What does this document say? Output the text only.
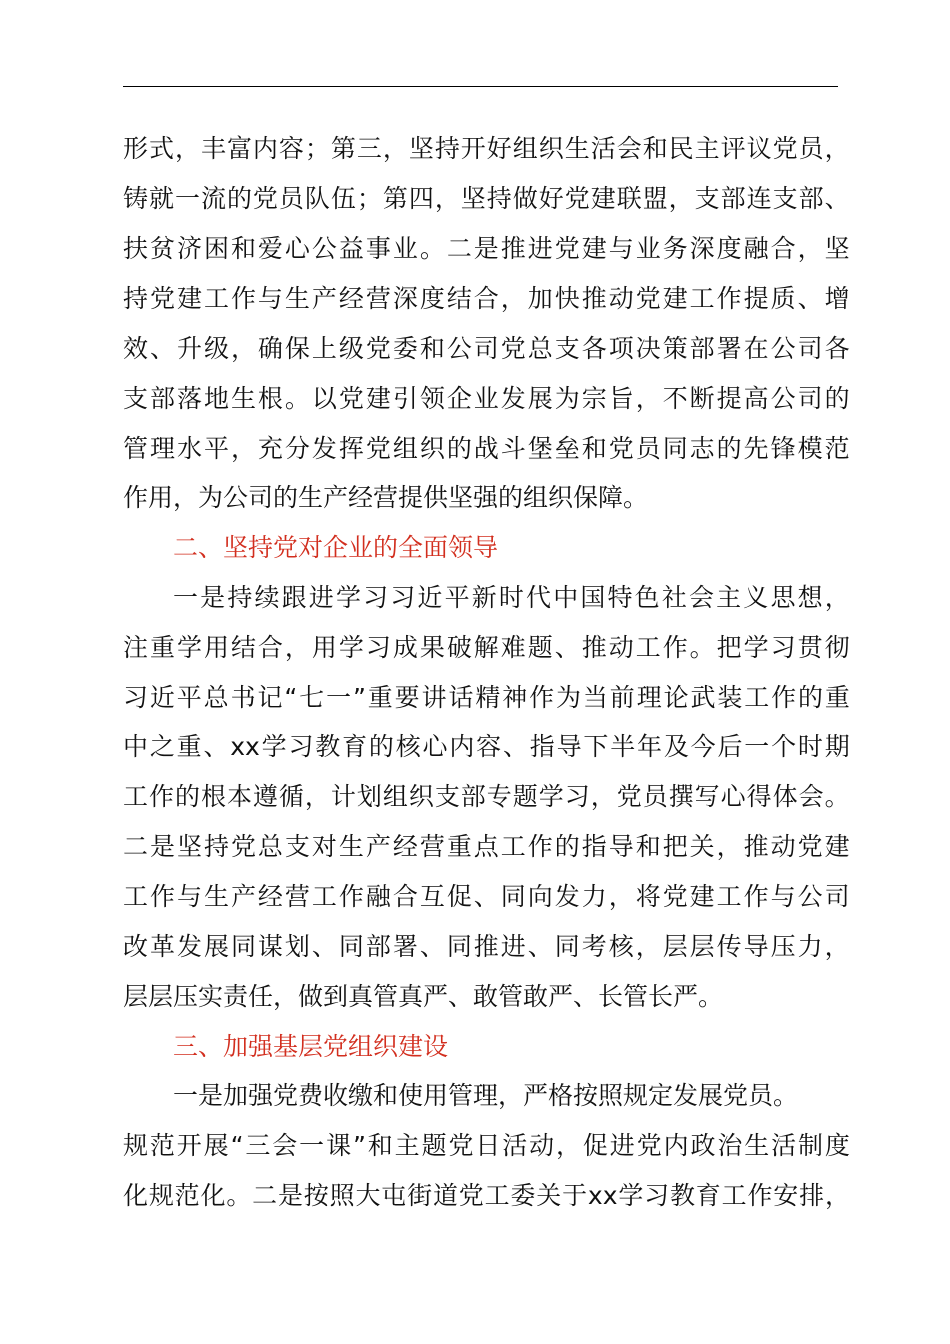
形 式 ， 丰 富 内 容 ； 第 三 ， 坚 持 开 好 组 织 生 活 会 和 民 主 评 议 党 员 ，
铸 就 一 流 的 党 员 队 伍 ； 第 四 ， 坚 持 做 好 党 建 联 盟 ， 支 部 连 支 部 、
扶 贫 济 困 和 爱 心 公 益 事 业 。 二 是 推 进 党 建 与 业 务 深 度 融 合 ， 坚
持 党 建 工 作 与 生 产 经 营 深 度 结 合 ， 加 快 推 动 党 建 工 作 提 质 、 增
效 、 升 级 ， 确 保 上 级 党 委 和 公 司 党 总 支 各 项 决 策 部 署 在 公 司 各
支 部 落 地 生 根 。 以 党 建 引 领 企 业 发 展 为 宗 旨 ， 不 断 提 高 公 司 的
管 理 水 平 ， 充 分 发 挥 党 组 织 的 战 斗 堡 垒 和 党 员 同 志 的 先 锋 模 范
作用，为公司的生产经营提供坚强的组织保障。
二、坚持党对企业的全面领导
一 是 持 续 跟 进 学 习 习 近 平 新 时 代 中 国 特 色 社 会 主 义 思 想 ，
注 重 学 用 结 合 ， 用 学 习 成 果 破 解 难 题 、 推 动 工 作 。 把 学 习 贯 彻
习 近 平 总 书 记 “ 七 一 ” 重 要 讲 话 精 神 作 为 当 前 理 论 武 装 工 作 的 重
中 之 重 、 xx 学 习 教 育 的 核 心 内 容 、 指 导 下 半 年 及 今 后 一 个 时 期
工 作 的 根 本 遵 循 ， 计 划 组 织 支 部 专 题 学 习 ， 党 员 撰 写 心 得 体 会 。
二 是 坚 持 党 总 支 对 生 产 经 营 重 点 工 作 的 指 导 和 把 关 ， 推 动 党 建
工 作 与 生 产 经 营 工 作 融 合 互 促 、 同 向 发 力 ， 将 党 建 工 作 与 公 司
改 革 发 展 同 谋 划 、 同 部 署 、 同 推 进 、 同 考 核 ， 层 层 传 导 压 力 ，
层层压实责任，做到真管真严、敢管敢严、长管长严。
三、加强基层党组织建设
一是加强党费收缴和使用管理，严格按照规定发展党员。
规 范 开 展 “ 三 会 一 课 ” 和 主 题 党 日 活 动 ， 促 进 党 内 政 治 生 活 制 度
化 规 范 化 。 二 是 按 照 大 屯 街 道 党 工 委 关 于 xx 学 习 教 育 工 作 安 排 ，
